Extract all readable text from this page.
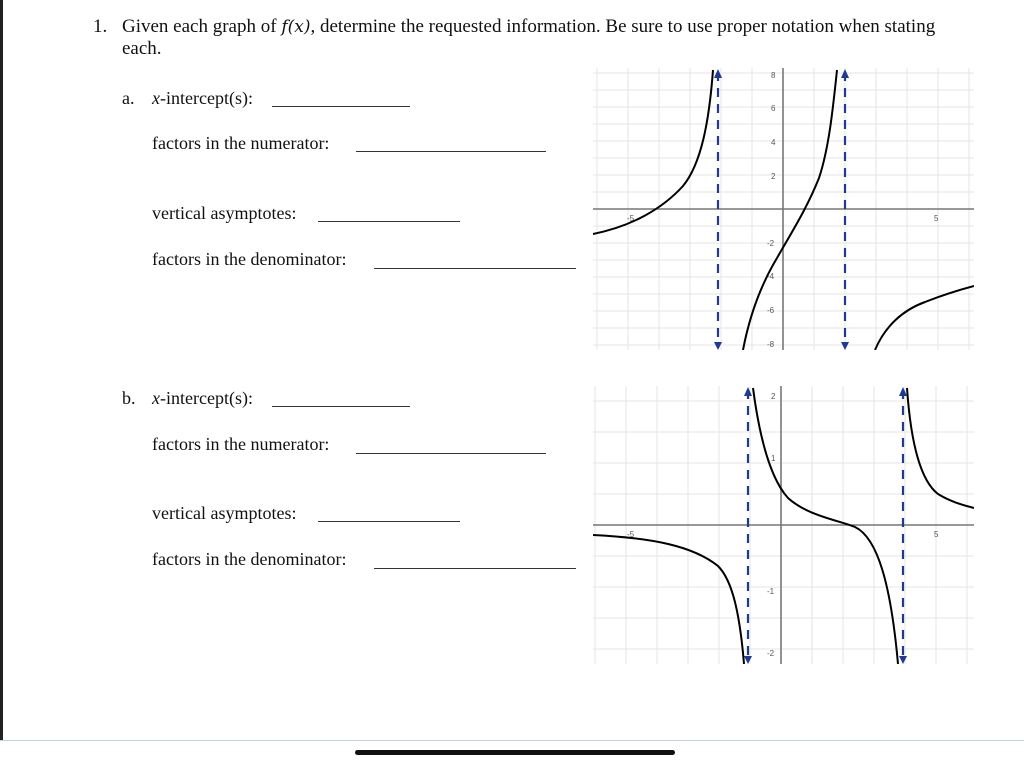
1. Given each graph of f(x), determine the requested information. Be sure to use proper notation when stating each.
a. x-intercept(s):
factors in the numerator:
vertical asymptotes:
factors in the denominator:
b. x-intercept(s):
factors in the numerator:
vertical asymptotes:
factors in the denominator:
-5	5
8
6
4
2
-2
-4
-6
-8
-5	5
2
1
-1
-2
